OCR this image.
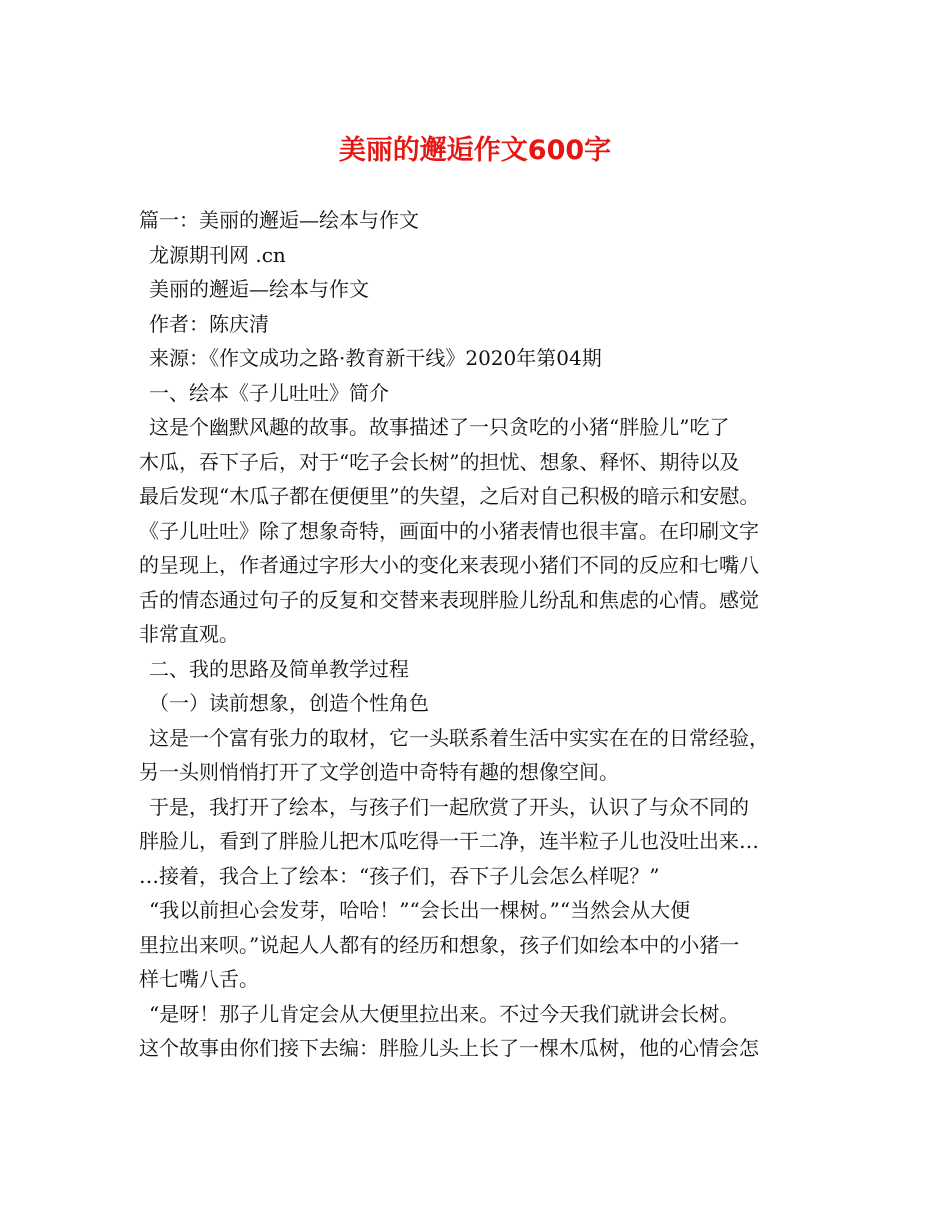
美丽的邂逅作文600字
篇一：美丽的邂逅—绘本与作文
龙源期刊网 .cn
美丽的邂逅—绘本与作文
作者：陈庆清
来源：《作文成功之路·教育新干线》2020年第04期
一、绘本《子儿吐吐》简介
这是个幽默风趣的故事。故事描述了一只贪吃的小猪“胖脸儿”吃了
木瓜，吞下子后，对于“吃子会长树”的担忧、想象、释怀、期待以及
最后发现“木瓜子都在便便里”的失望，之后对自己积极的暗示和安慰。
《子儿吐吐》除了想象奇特，画面中的小猪表情也很丰富。在印刷文字
的呈现上，作者通过字形大小的变化来表现小猪们不同的反应和七嘴八
舌的情态通过句子的反复和交替来表现胖脸儿纷乱和焦虑的心情。感觉
非常直观。
二、我的思路及简单教学过程
（一）读前想象，创造个性角色
这是一个富有张力的取材，它一头联系着生活中实实在在的日常经验，
另一头则悄悄打开了文学创造中奇特有趣的想像空间。
于是，我打开了绘本，与孩子们一起欣赏了开头，认识了与众不同的
胖脸儿，看到了胖脸儿把木瓜吃得一干二净，连半粒子儿也没吐出来…
…接着，我合上了绘本：“孩子们，吞下子儿会怎么样呢？”
“我以前担心会发芽，哈哈！”“会长出一棵树。”“当然会从大便
里拉出来呗。”说起人人都有的经历和想象，孩子们如绘本中的小猪一
样七嘴八舌。
“是呀！那子儿肯定会从大便里拉出来。不过今天我们就讲会长树。
这个故事由你们接下去编：胖脸儿头上长了一棵木瓜树，他的心情会怎
